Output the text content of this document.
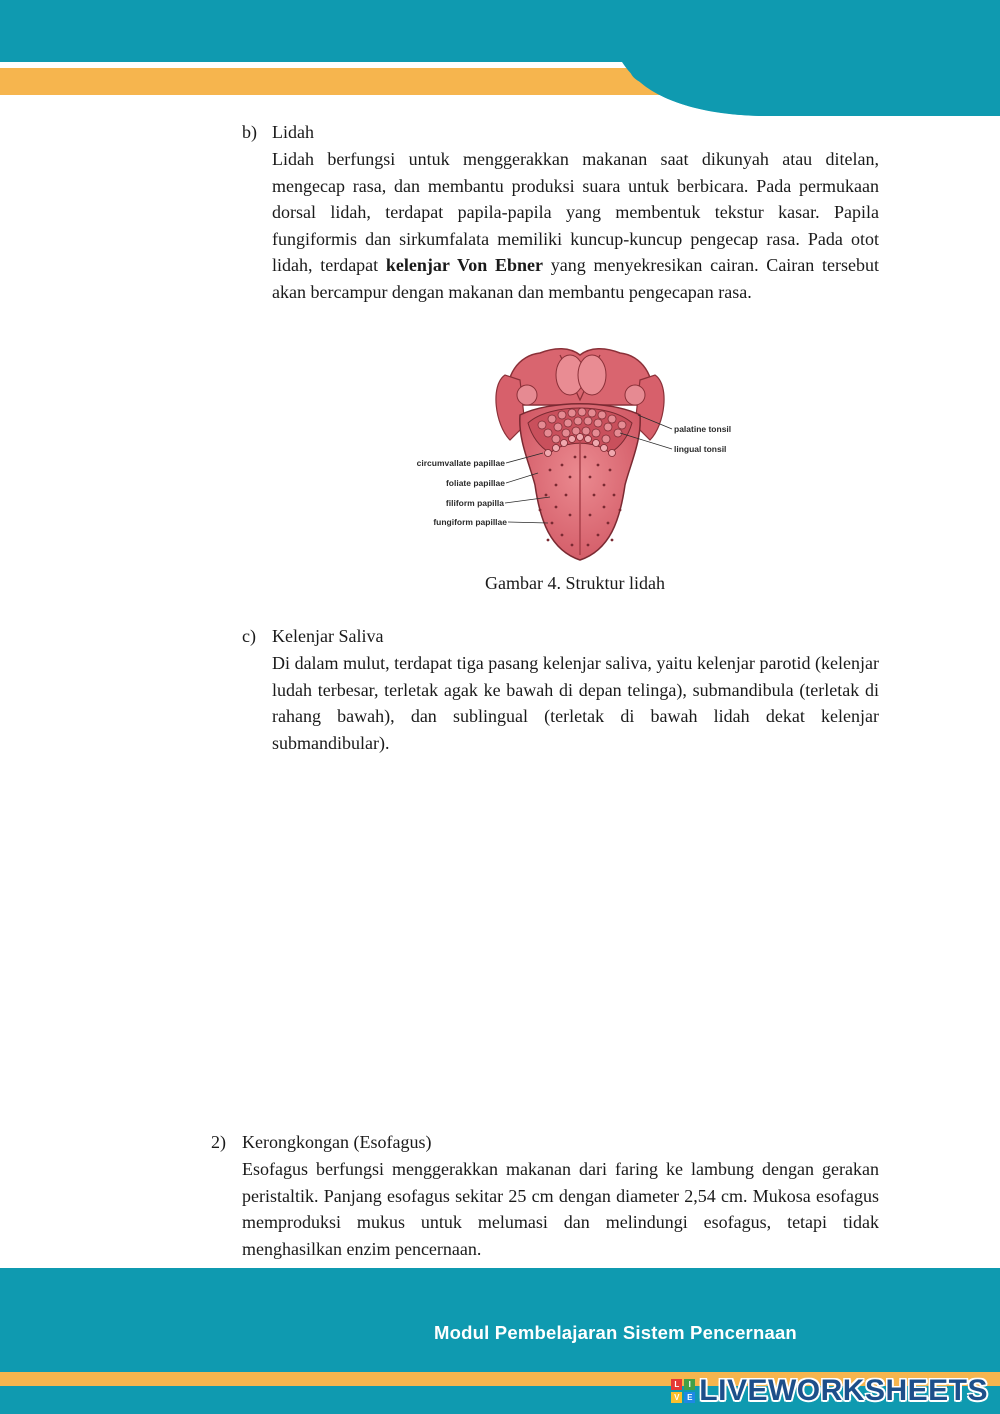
b) Lidah

Lidah berfungsi untuk menggerakkan makanan saat dikunyah atau ditelan, mengecap rasa, dan membantu produksi suara untuk berbicara. Pada permukaan dorsal lidah, terdapat papila-papila yang membentuk tekstur kasar. Papila fungiformis dan sirkumfalata memiliki kuncup-kuncup pengecap rasa. Pada otot lidah, terdapat kelenjar Von Ebner yang menyekresikan cairan. Cairan tersebut akan bercampur dengan makanan dan membantu pengecapan rasa.

palatine tonsil
lingual tonsil
circumvallate papillae
foliate papillae
filiform papilla
fungiform papillae
Gambar 4. Struktur lidah
c) Kelenjar Saliva

Di dalam mulut, terdapat tiga pasang kelenjar saliva, yaitu kelenjar parotid (kelenjar ludah terbesar, terletak agak ke bawah di depan telinga), submandibula (terletak di rahang bawah), dan sublingual (terletak di bawah lidah dekat kelenjar submandibular).

2) Kerongkongan (Esofagus)

Esofagus berfungsi menggerakkan makanan dari faring ke lambung dengan gerakan peristaltik. Panjang esofagus sekitar 25 cm dengan diameter 2,54 cm. Mukosa esofagus memproduksi mukus untuk melumasi dan melindungi esofagus, tetapi tidak menghasilkan enzim pencernaan.

Modul Pembelajaran Sistem Pencernaan
L	I
V E LIVEWORKSHEETS
